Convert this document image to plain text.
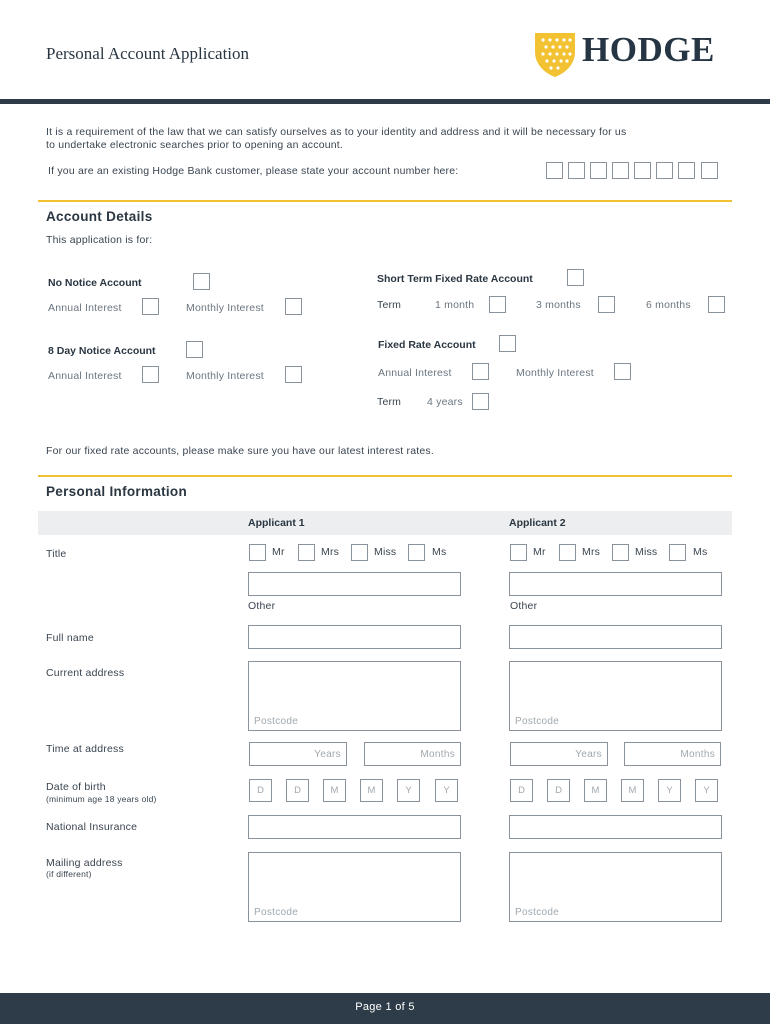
Personal Account Application	HODGE
It is a requirement of the law that we can satisfy ourselves as to your identity and address and it will be necessary for us
to undertake electronic searches prior to opening an account.
If you are an existing Hodge Bank customer, please state your account number here:
Account Details
This application is for:
No Notice Account
Annual Interest	Monthly Interest
8 Day Notice Account
Annual Interest	Monthly Interest
Short Term Fixed Rate Account
Term	1 month	3 months	6 months
Fixed Rate Account
Annual Interest	Monthly Interest
Term 4 years
For our fixed rate accounts, please make sure you have our latest interest rates.
Personal Information
Applicant 1	Applicant 2
Title	Mr	Mrs	Miss	Ms	Mr	Mrs	Miss	Ms
Other	Other
Full name
Current address
Postcode	Postcode
Time at address	Years	Months	Years	Months
Date of birth
(minimum age 18 years old)
D	D	M	M	Y	Y	D	D	M	M	Y	Y
National Insurance
Mailing address
(if different)
Postcode	Postcode
Page 1 of 5
